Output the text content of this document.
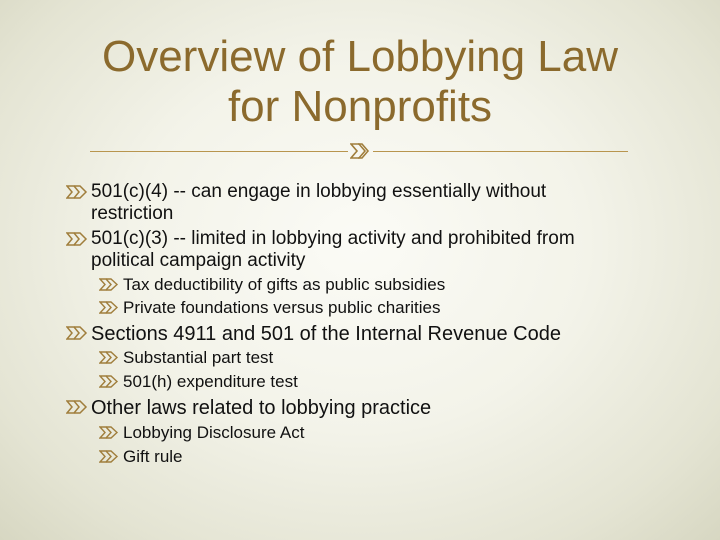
Overview of Lobbying Law
for Nonprofits
501(c)(4) -- can engage in lobbying essentially without
restriction
501(c)(3) -- limited in lobbying activity and prohibited from
political campaign activity
Tax deductibility of gifts as public subsidies
Private foundations versus public charities
Sections 4911 and 501 of the Internal Revenue Code
Substantial part test
501(h) expenditure test
Other laws related to lobbying practice
Lobbying Disclosure Act
Gift rule
